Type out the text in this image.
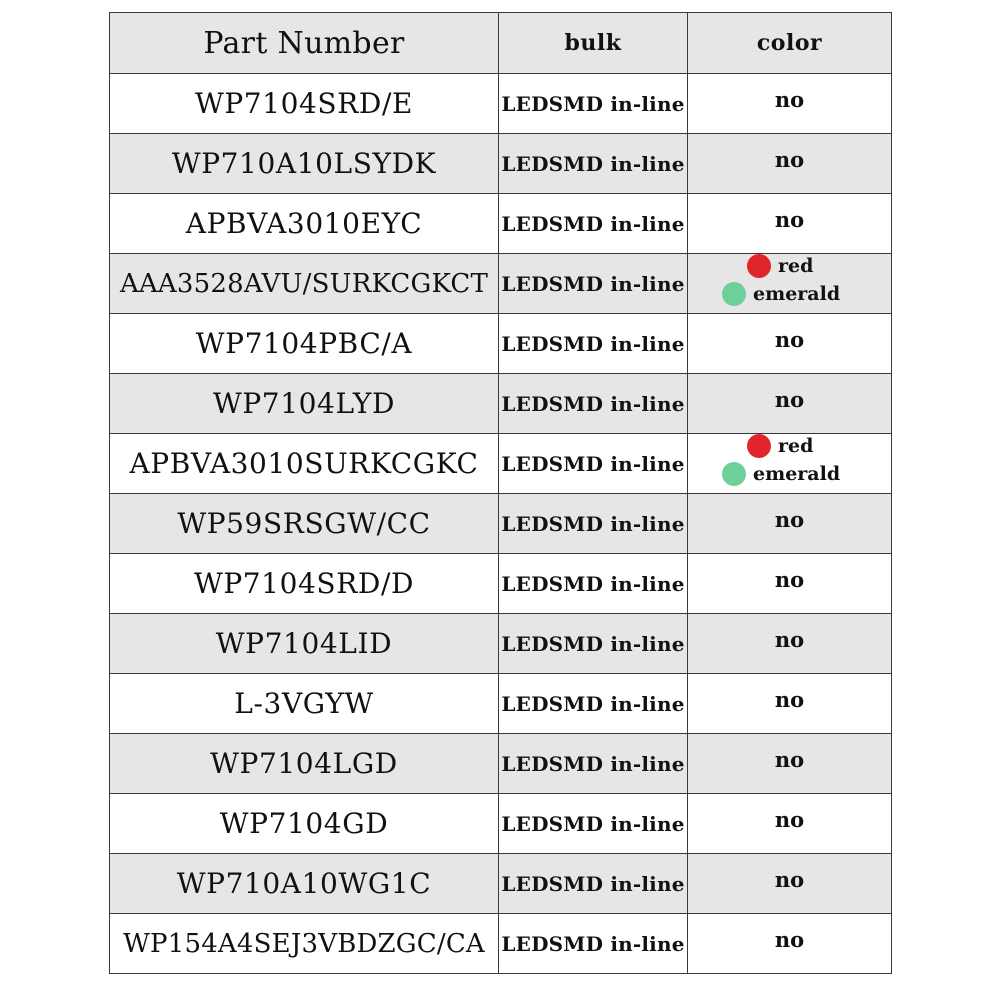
Part Number	bulk	color
WP7104SRD/E	LEDSMD in-line	no
WP710A10LSYDK	LEDSMD in-line	no
APBVA3010EYC	LEDSMD in-line	no
AAA3528AVU/SURKCGKCT	LEDSMD in-line	red
emerald

WP7104PBC/A	LEDSMD in-line	no
WP7104LYD	LEDSMD in-line	no
APBVA3010SURKCGKC	LEDSMD in-line	red
emerald

WP59SRSGW/CC	LEDSMD in-line	no
WP7104SRD/D	LEDSMD in-line	no
WP7104LID	LEDSMD in-line	no
L-3VGYW	LEDSMD in-line	no
WP7104LGD	LEDSMD in-line	no
WP7104GD	LEDSMD in-line	no
WP710A10WG1C	LEDSMD in-line	no
WP154A4SEJ3VBDZGC/CA	LEDSMD in-line	no
